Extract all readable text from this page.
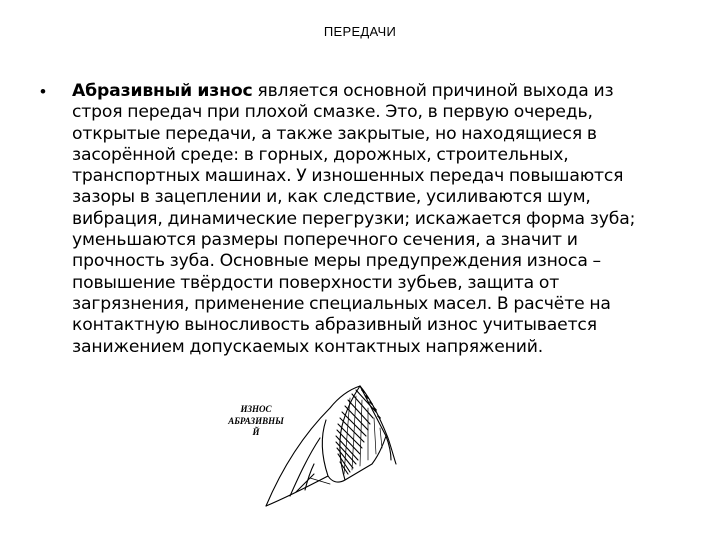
ПЕРЕДАЧИ
• Абразивный износ является основной причиной выхода из
строя передач при плохой смазке. Это, в первую очередь,
открытые передачи, а также закрытые, но находящиеся в
засорённой среде: в горных, дорожных, строительных,
транспортных машинах. У изношенных передач повышаются
зазоры в зацеплении и, как следствие, усиливаются шум,
вибрация, динамические перегрузки; искажается форма зуба;
уменьшаются размеры поперечного сечения, а значит и
прочность зуба. Основные меры предупреждения износа –
повышение твёрдости поверхности зубьев, защита от
загрязнения, применение специальных масел. В расчёте на
контактную выносливость абразивный износ учитывается
занижением допускаемых контактных напряжений.
ИЗНОС
АБРАЗИВНЫ
Й
